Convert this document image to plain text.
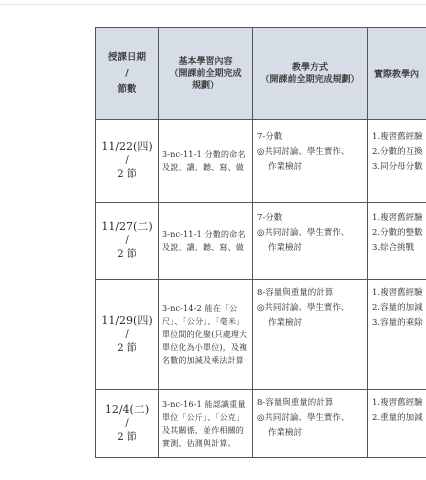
授課日期
/
節數	基本學習內容
（開課前全期完成
規劃）	教學方式
（開課前全期完成規劃）	實際教學內

11/22(四)
/
2 節	3-nc-11-1 分數的命名及說、讀、聽、寫、做	7-分數
◎共同討論、學生實作、
作業檢討	1.複習舊經驗
2.分數的互換
3.同分母分數

11/27(二)
/
2 節	3-nc-11-1 分數的命名及說、讀、聽、寫、做	7-分數
◎共同討論、學生實作、
作業檢討	1.複習舊經驗
2.分數的整數
3.綜合挑戰

11/29(四)
/
2 節	3-nc-14-2 能在「公尺」、「公分」、「毫米」單位間的化聚(只處理大單位化為小單位)，及複名數的加減及乘法計算	8-容量與重量的計算
◎共同討論、學生實作、
作業檢討	1.複習舊經驗
2.容量的加減
3.容量的乘除

12/4(二)
/
2 節	3-nc-16-1 能認識重量單位「公斤」、「公克」及其關係，並作相關的實測、估測與計算。	8-容量與重量的計算
◎共同討論、學生實作、
作業檢討	1.複習舊經驗
2.重量的加減
